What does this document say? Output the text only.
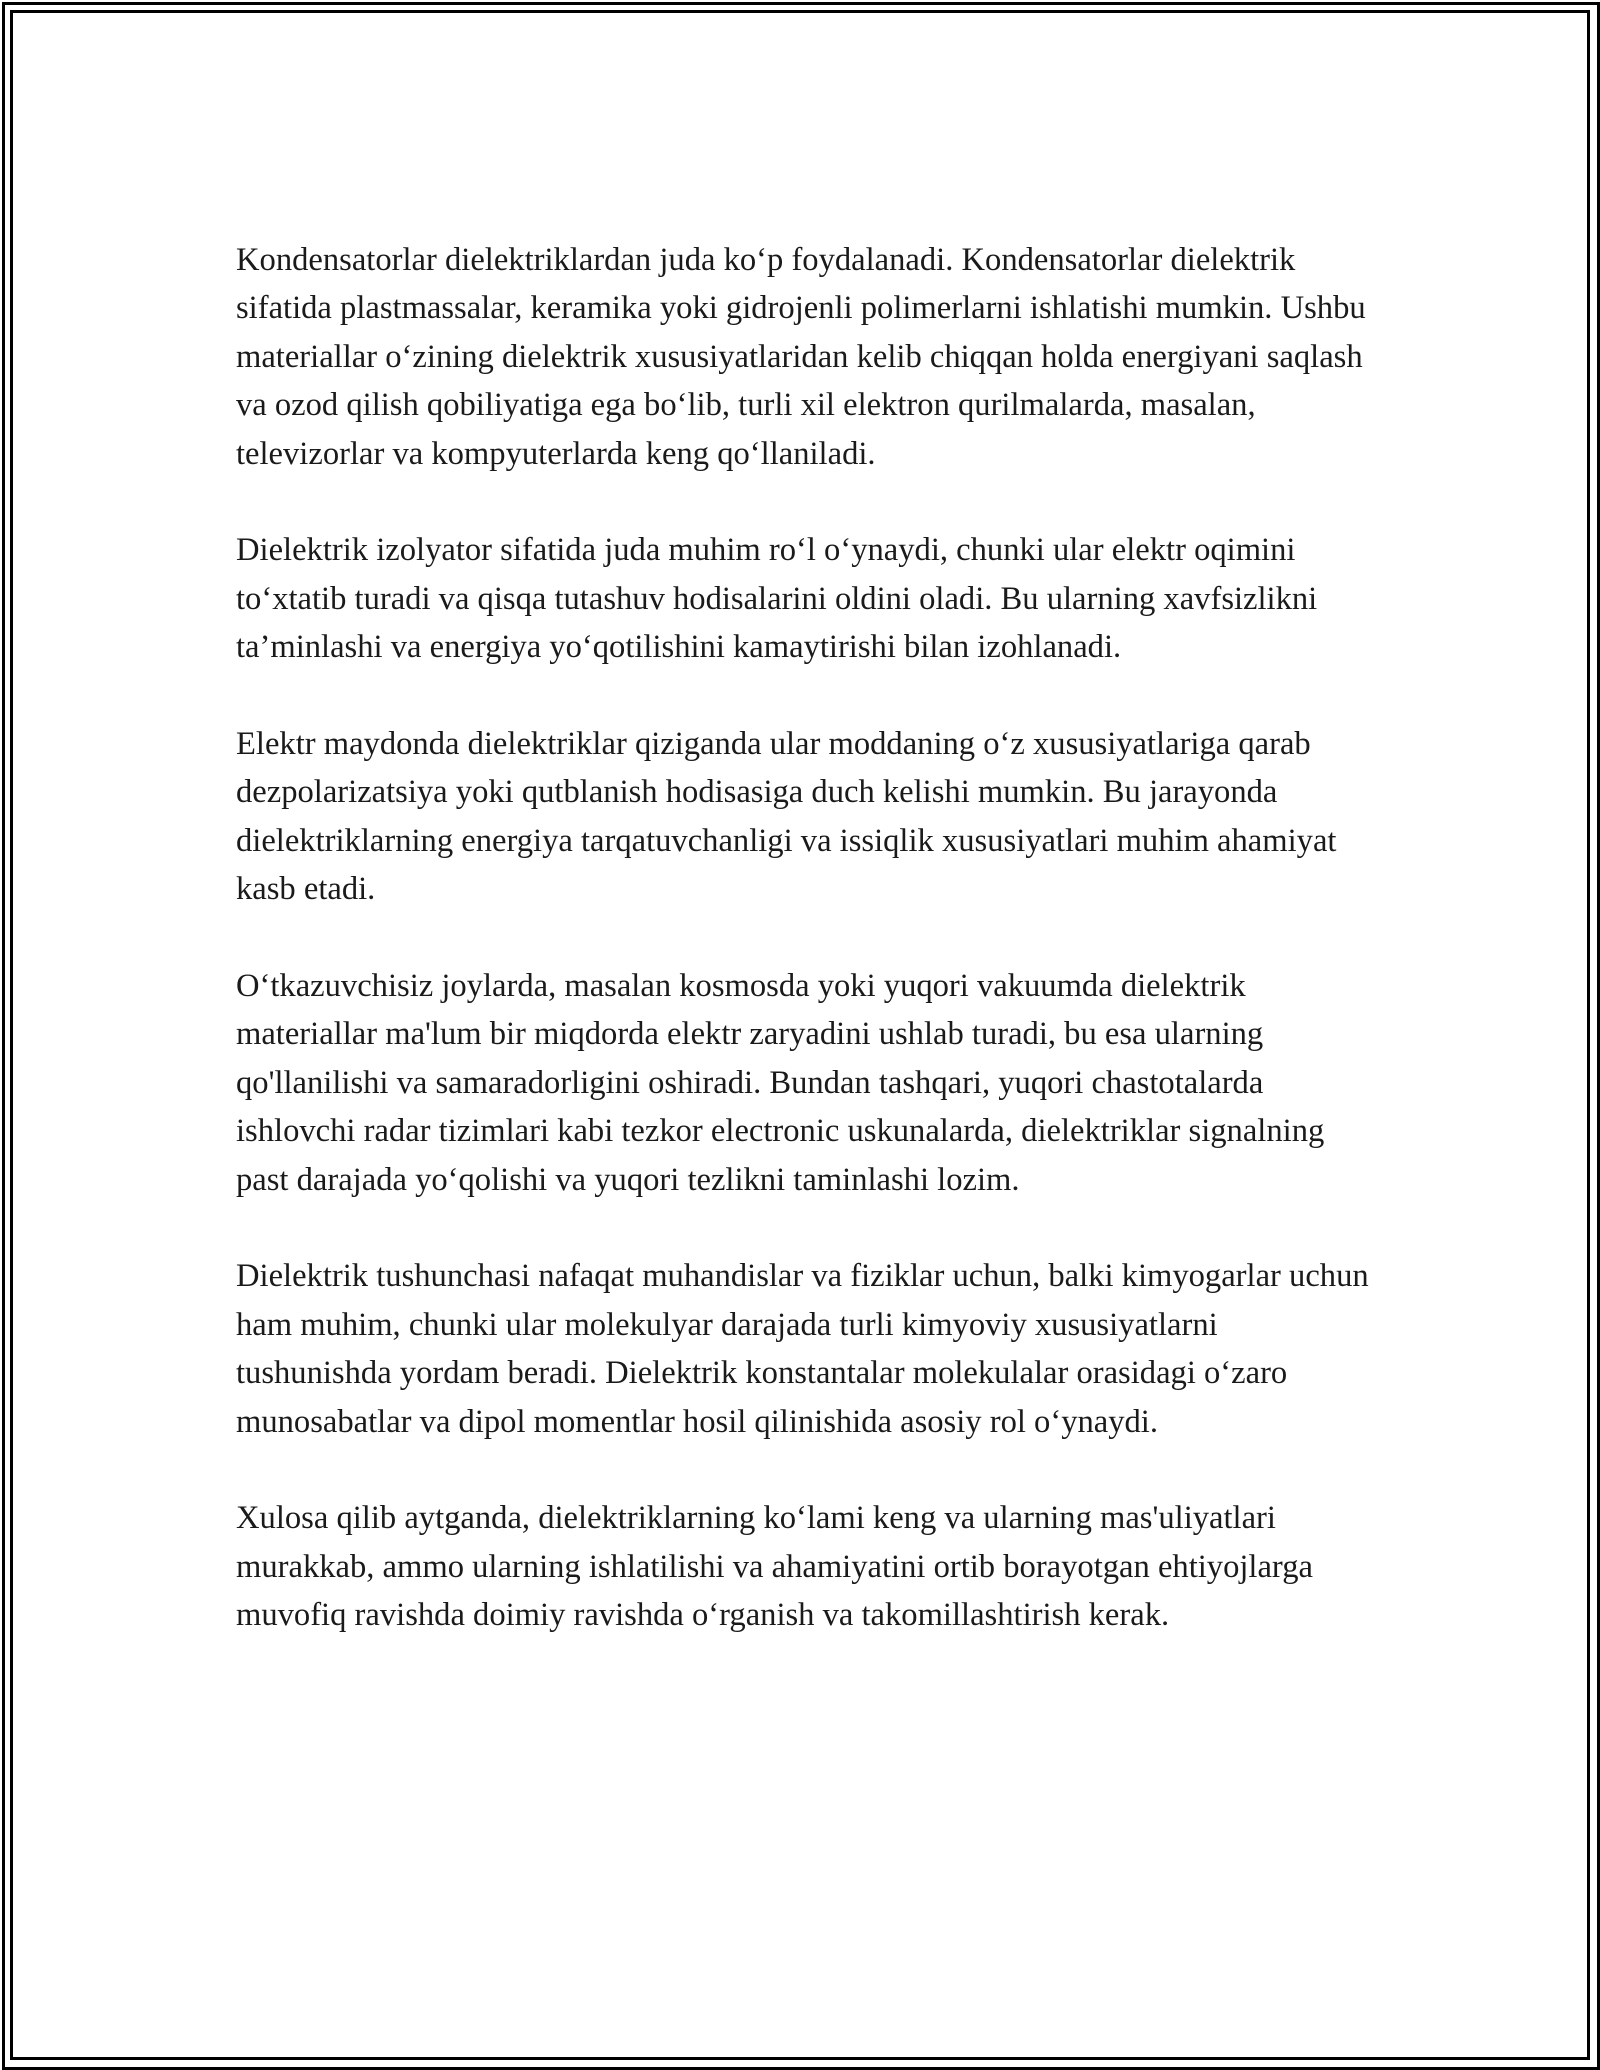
Kondensatorlar dielektriklardan juda ko‘p foydalanadi. Kondensatorlar dielektrik sifatida plastmassalar, keramika yoki gidrojenli polimerlarni ishlatishi mumkin. Ushbu materiallar o‘zining dielektrik xususiyatlaridan kelib chiqqan holda energiyani saqlash va ozod qilish qobiliyatiga ega bo‘lib, turli xil elektron qurilmalarda, masalan, televizorlar va kompyuterlarda keng qo‘llaniladi.

Dielektrik izolyator sifatida juda muhim ro‘l o‘ynaydi, chunki ular elektr oqimini to‘xtatib turadi va qisqa tutashuv hodisalarini oldini oladi. Bu ularning xavfsizlikni ta’minlashi va energiya yo‘qotilishini kamaytirishi bilan izohlanadi.

Elektr maydonda dielektriklar qiziganda ular moddaning o‘z xususiyatlariga qarab dezpolarizatsiya yoki qutblanish hodisasiga duch kelishi mumkin. Bu jarayonda dielektriklarning energiya tarqatuvchanligi va issiqlik xususiyatlari muhim ahamiyat kasb etadi.

O‘tkazuvchisiz joylarda, masalan kosmosda yoki yuqori vakuumda dielektrik materiallar ma'lum bir miqdorda elektr zaryadini ushlab turadi, bu esa ularning qo'llanilishi va samaradorligini oshiradi. Bundan tashqari, yuqori chastotalarda ishlovchi radar tizimlari kabi tezkor electronic uskunalarda, dielektriklar signalning past darajada yo‘qolishi va yuqori tezlikni taminlashi lozim.

Dielektrik tushunchasi nafaqat muhandislar va fiziklar uchun, balki kimyogarlar uchun ham muhim, chunki ular molekulyar darajada turli kimyoviy xususiyatlarni tushunishda yordam beradi. Dielektrik konstantalar molekulalar orasidagi o‘zaro munosabatlar va dipol momentlar hosil qilinishida asosiy rol o‘ynaydi.

Xulosa qilib aytganda, dielektriklarning ko‘lami keng va ularning mas'uliyatlari murakkab, ammo ularning ishlatilishi va ahamiyatini ortib borayotgan ehtiyojlarga muvofiq ravishda doimiy ravishda o‘rganish va takomillashtirish kerak.
